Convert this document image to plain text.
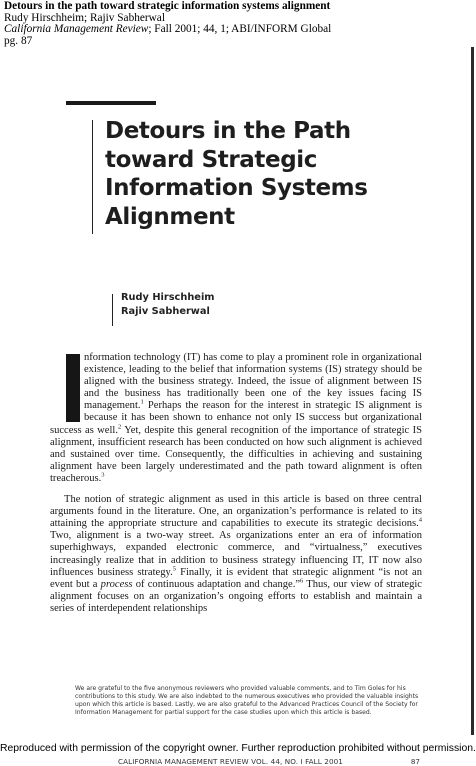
Detours in the path toward strategic information systems alignment
Rudy Hirschheim; Rajiv Sabherwal
California Management Review; Fall 2001; 44, 1; ABI/INFORM Global
pg. 87
Detours in the Path
toward Strategic
Information Systems
Alignment
Rudy Hirschheim
Rajiv Sabherwal

nformation technology (IT) has come to play a prominent role in organizational existence, leading to the belief that information systems (IS) strategy should be aligned with the business strategy. Indeed, the issue of alignment between IS and the business has traditionally been one of the key issues facing IS management.$^1$ Perhaps the reason for the interest in strategic IS alignment is because it has been shown to enhance not only IS success but organizational success as well.$^2$ Yet, despite this general recognition of the importance of strategic IS alignment, insufficient research has been conducted on how such alignment is achieved and sustained over time. Consequently, the difficulties in achieving and sustaining alignment have been largely underestimated and the path toward alignment is often treacherous.$^3$

The notion of strategic alignment as used in this article is based on three central arguments found in the literature. One, an organization’s performance is related to its attaining the appropriate structure and capabilities to execute its strategic decisions.$^4$ Two, alignment is a two-way street. As organizations enter an era of information superhighways, expanded electronic commerce, and “virtualness,” executives increasingly realize that in addition to business strategy influencing IT, IT now also influences business strategy.$^5$ Finally, it is evident that strategic alignment “is not an event but a process of continuous adaptation and change.”$^6$ Thus, our view of strategic alignment focuses on an organization’s ongoing efforts to establish and maintain a series of interdependent relationships

We are grateful to the five anonymous reviewers who provided valuable comments, and to Tim Goles for his contributions to this study. We are also indebted to the numerous executives who provided the valuable insights upon which this article is based. Lastly, we are also grateful to the Advanced Practices Council of the Society for Information Management for partial support for the case studies upon which this article is based.
CALIFORNIA MANAGEMENT REVIEW VOL. 44, NO. I FALL 2001	87
Reproduced with permission of the copyright owner. Further reproduction prohibited without permission.
